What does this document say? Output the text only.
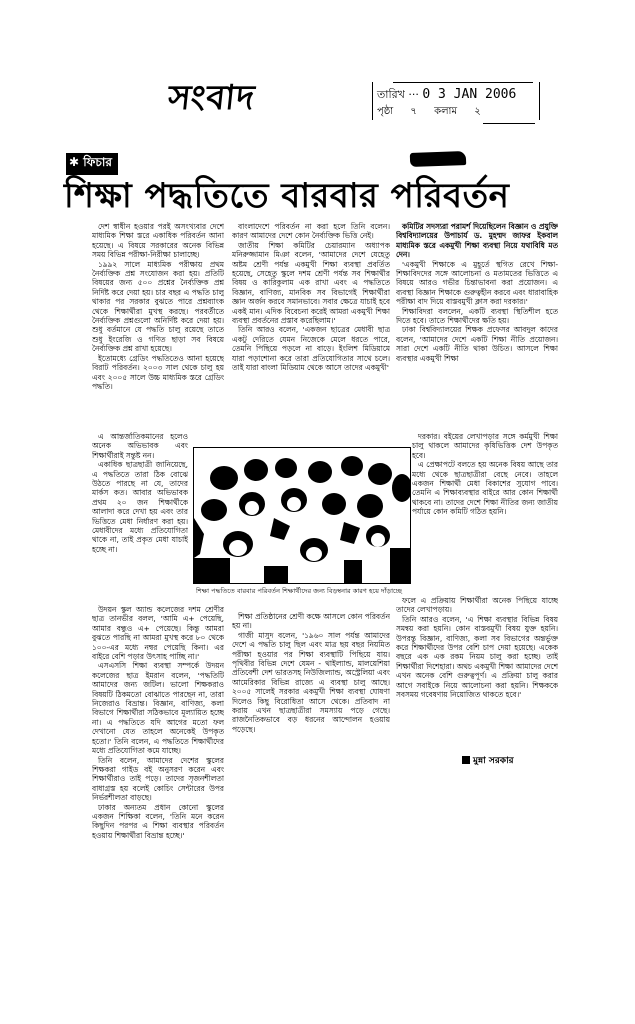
সংবাদ	তারিখ ··· 0 3 JAN 2006
পৃষ্ঠা ৭ কলাম ২
✱ ফিচার
শিক্ষা পদ্ধতিতে বারবার পরিবর্তন

দেশ স্বাধীন হওয়ার পরই অসংখ্যবার দেশে মাধ্যমিক শিক্ষা স্তরে একাধিক পরিবর্তন আনা হয়েছে। এ বিষয়ে সরকারের অনেক বিভিন্ন সময় বিভিন্ন পরীক্ষা-নিরীক্ষা চালাচ্ছে।

১৯৯২ সালে মাধ্যমিক পরীক্ষায় প্রথম নৈর্ব্যক্তিক প্রশ্ন সংযোজন করা হয়। প্রতিটি বিষয়ের জন্য ৫০০ প্রশ্নের নৈর্ব্যক্তিক প্রশ্ন নির্দিষ্ট করে দেয়া হয়। চার বছর এ পদ্ধতি চালু থাকার পর সরকার বুঝতে পারে প্রশ্নব্যাংক থেকে শিক্ষার্থীরা মুখস্থ করছে। পরবর্তীতে নৈর্ব্যক্তিক প্রশ্নগুলো অনির্দিষ্ট করে দেয়া হয়। শুধু বর্তমানে যে পদ্ধতি চালু রয়েছে তাতে শুধু ইংরেজি ও গণিত ছাড়া সব বিষয়ে নৈর্ব্যক্তিক প্রশ্ন রাখা হয়েছে।

ইতোমধ্যে গ্রেডিং পদ্ধতিতেও আনা হয়েছে বিরাট পরিবর্তন। ২০০৩ সাল থেকে চালু হয় এবং ২০০৫ সালে উচ্চ মাধ্যমিক স্তরে গ্রেডিং পদ্ধতি।

এ আন্তর্জাতিকমানের হলেও অনেক অভিভাবক এবং শিক্ষার্থীরাই সন্তুষ্ট নন।

একাধিক ছাত্রছাত্রী জানিয়েছে, এ পদ্ধতিতে তারা ঠিক বোঝে উঠতে পারছে না যে, তাদের মার্কস কত। আবার অভিভাবক প্রথম ২০ জন শিক্ষার্থীকে আলাদা করে দেখা হয় এবং তার ভিত্তিতে মেধা নির্ধারণ করা হয়। মেধাবীদের মধ্যে প্রতিযোগিতা থাকে না, তাই প্রকৃত মেধা যাচাই হচ্ছে না।

উদয়ন স্কুল অ্যান্ড কলেজের দশম শ্রেণীর ছাত্র তানভীর বলল, 'আমি এ+ পেয়েছি, আমার বন্ধুও এ+ পেয়েছে। কিন্তু আমরা বুঝতে পারছি না আমরা মুখস্থ করে ৮০ থেকে ১০০-এর মধ্যে নম্বর পেয়েছি কিনা। এর বাইরে বেশি পড়ার উৎসাহ পাচ্ছি না।'

এসএসসি শিক্ষা ব্যবস্থা সম্পর্কে উদয়ন কলেজের ছাত্র ইমরান বলেন, 'পদ্ধতিটি আমাদের জন্য জটিল। ভালো শিক্ষকরাও বিষয়টি ঠিকমতো বোঝাতে পারছেন না, তারা নিজেরাও বিভ্রান্ত। বিজ্ঞান, বাণিজ্য, কলা বিভাগে শিক্ষার্থীরা সঠিকভাবে মূল্যায়িত হচ্ছে না। এ পদ্ধতিতে যদি আগের মতো ফল দেখানো যেত তাহলে অনেকেই উপকৃত হতো।' তিনি বলেন, এ পদ্ধতিতে শিক্ষার্থীদের মধ্যে প্রতিযোগিতা কমে যাচ্ছে।

তিনি বলেন, আমাদের দেশের স্কুলের শিক্ষকরা গাইড বই অনুসরণ করেন এবং শিক্ষার্থীরাও তাই পড়ে। তাদের সৃজনশীলতা বাধাগ্রস্ত হয় বলেই কোচিং সেন্টারের উপর নির্ভরশীলতা বাড়ছে।

ঢাকার অন্যতম প্রধান কোনো স্কুলের একজন শিক্ষিকা বলেন, 'তিনি মনে করেন কিছুদিন পরপর এ শিক্ষা ব্যবস্থার পরিবর্তন হওয়ায় শিক্ষার্থীরা বিভ্রান্ত হচ্ছে।'

বাংলাদেশে পরিবর্তন না করা হলে তিনি বলেন। কারণ আমাদের দেশে কোন নৈর্ব্যক্তিক ভিত্তি নেই।

জাতীয় শিক্ষা কমিটির চেয়ারম্যান অধ্যাপক মনিরুজ্জামান মিঞা বলেন, 'আমাদের দেশে যেহেতু অষ্টম শ্রেণী পর্যন্ত একমুখী শিক্ষা ব্যবস্থা প্রবর্তিত হয়েছে, সেহেতু স্কুলে দশম শ্রেণী পর্যন্ত সব শিক্ষার্থীর বিষয় ও কারিকুলাম এক রাখা এবং এ পদ্ধতিতে বিজ্ঞান, বাণিজ্য, মানবিক সব বিভাগেই শিক্ষার্থীরা জ্ঞান অর্জন করবে সমানভাবে। সবার ক্ষেত্রে যাচাই হবে একই মান। এদিক বিবেচনা করেই আমরা একমুখী শিক্ষা ব্যবস্থা প্রবর্তনের প্রস্তাব করেছিলাম।'

তিনি আরও বলেন, 'একজন ছাত্রের মেধাবী ছাত্র একটু দেরিতে যেমন নিজেকে মেলে ধরতে পারে, তেমনি পিছিয়ে পড়লে না বাড়ে। ইংলিশ মিডিয়ামে যারা পড়াশোনা করে তারা প্রতিযোগিতার সাথে চলে। তাই যারা বাংলা মিডিয়াম থেকে আসে তাদের একমুখী'

শিক্ষা প্রতিষ্ঠানের শ্রেণী কক্ষে আসলে কোন পরিবর্তন হয় না।

গাজী মাসুদ বলেন, '১৯৬০ সাল পর্যন্ত আমাদের দেশে এ পদ্ধতি চালু ছিল এবং মাত্র ছয় বছর নিয়মিত পরীক্ষা হওয়ার পর শিক্ষা ব্যবস্থাটি পিছিয়ে যায়। পৃথিবীর বিভিন্ন দেশে যেমন - থাইল্যান্ড, মালয়েশিয়া প্রতিবেশী দেশ ভারতসহ নিউজিল্যান্ড, অস্ট্রেলিয়া এবং আমেরিকার বিভিন্ন রাজ্যে এ ব্যবস্থা চালু আছে। ২০০৫ সালেই সরকার একমুখী শিক্ষা ব্যবস্থা ঘোষণা দিলেও কিছু বিরোধিতা আসে থেকে। প্রতিবাদ না করায় এখন ছাত্রছাত্রীরা সমস্যায় পড়ে গেছে। রাজনৈতিকভাবে বড় ধরনের আন্দোলন হওয়ায় পড়েছে।

কমিটির সদস্যরা পরামর্শ দিয়েছিলেন বিজ্ঞান ও প্রযুক্তি বিশ্ববিদ্যালয়ের উপাচার্য ড. মুহম্মদ জাফর ইকবাল মাধ্যমিক স্তরে একমুখী শিক্ষা ব্যবস্থা নিয়ে যথাবিধি মত দেন।

'একমুখী শিক্ষাকে এ মুহূর্তে স্থগিত রেখে শিক্ষা-শিক্ষাবিদদের সঙ্গে আলোচনা ও মতামতের ভিত্তিতে এ বিষয়ে আরও গভীর চিন্তাভাবনা করা প্রয়োজন। এ ব্যবস্থা বিজ্ঞান শিক্ষাকে গুরুত্বহীন করবে এবং ধারাবাহিক পরীক্ষা বাদ দিয়ে বাস্তবমুখী ক্লাস করা দরকার।'

শিক্ষাবিদরা বললেন, একটি ব্যবস্থা স্থিতিশীল হতে দিতে হবে। তাতে শিক্ষার্থীদের ক্ষতি হয়।

ঢাকা বিশ্ববিদ্যালয়ের শিক্ষক প্রফেসর আবদুল কাদের বলেন, 'আমাদের দেশে একটি শিক্ষা নীতি প্রয়োজন। সারা দেশে একটি নীতি থাকা উচিত। আসলে শিক্ষা ব্যবস্থার একমুখী শিক্ষা

দরকার। বইয়ের লেখাপড়ার সঙ্গে কর্মমুখী শিক্ষা চালু থাকলে আমাদের কৃষিভিত্তিক দেশ উপকৃত হবে।

এ প্রেক্ষাপটে বলতে হয় অনেক বিষয় আছে তার মধ্যে থেকে ছাত্রছাত্রীরা বেছে নেবে। তাহলে একজন শিক্ষার্থী মেধা বিকাশের সুযোগ পাবে। তেমনি এ শিক্ষাব্যবস্থার বাইরে আর কোন শিক্ষার্থী থাকবে না। তাদের দেশে শিক্ষা নীতির জন্য জাতীয় পর্যায়ে কোন কমিটি গঠিত হয়নি।

ফলে এ প্রক্রিয়ায় শিক্ষার্থীরা অনেক পিছিয়ে যাচ্ছে তাদের লেখাপড়ায়।

তিনি আরও বলেন, 'এ শিক্ষা ব্যবস্থার বিভিন্ন বিষয় সমন্বয় করা হয়নি। কোন বাস্তবমুখী বিষয় যুক্ত হয়নি। উপরন্তু বিজ্ঞান, বাণিজ্য, কলা সব বিভাগের অন্তর্ভুক্ত করে শিক্ষার্থীদের উপর বেশি চাপ দেয়া হয়েছে। একেক বছরে এক এক রকম নিয়ম চালু করা হচ্ছে। তাই শিক্ষার্থীরা দিশেহারা। অথচ একমুখী শিক্ষা আমাদের দেশে এখন অনেক বেশি গুরুত্বপূর্ণ। এ প্রক্রিয়া চালু করার আগে সবাইকে নিয়ে আলোচনা করা হয়নি। শিক্ষককে সবসময় গবেষণায় নিয়োজিত থাকতে হবে।'

শিক্ষা পদ্ধতিতে বারবার পরিবর্তন শিক্ষার্থীদের জন্য বিড়ম্বনার কারণ হয়ে দাঁড়াচ্ছে
মুন্না সরকার
